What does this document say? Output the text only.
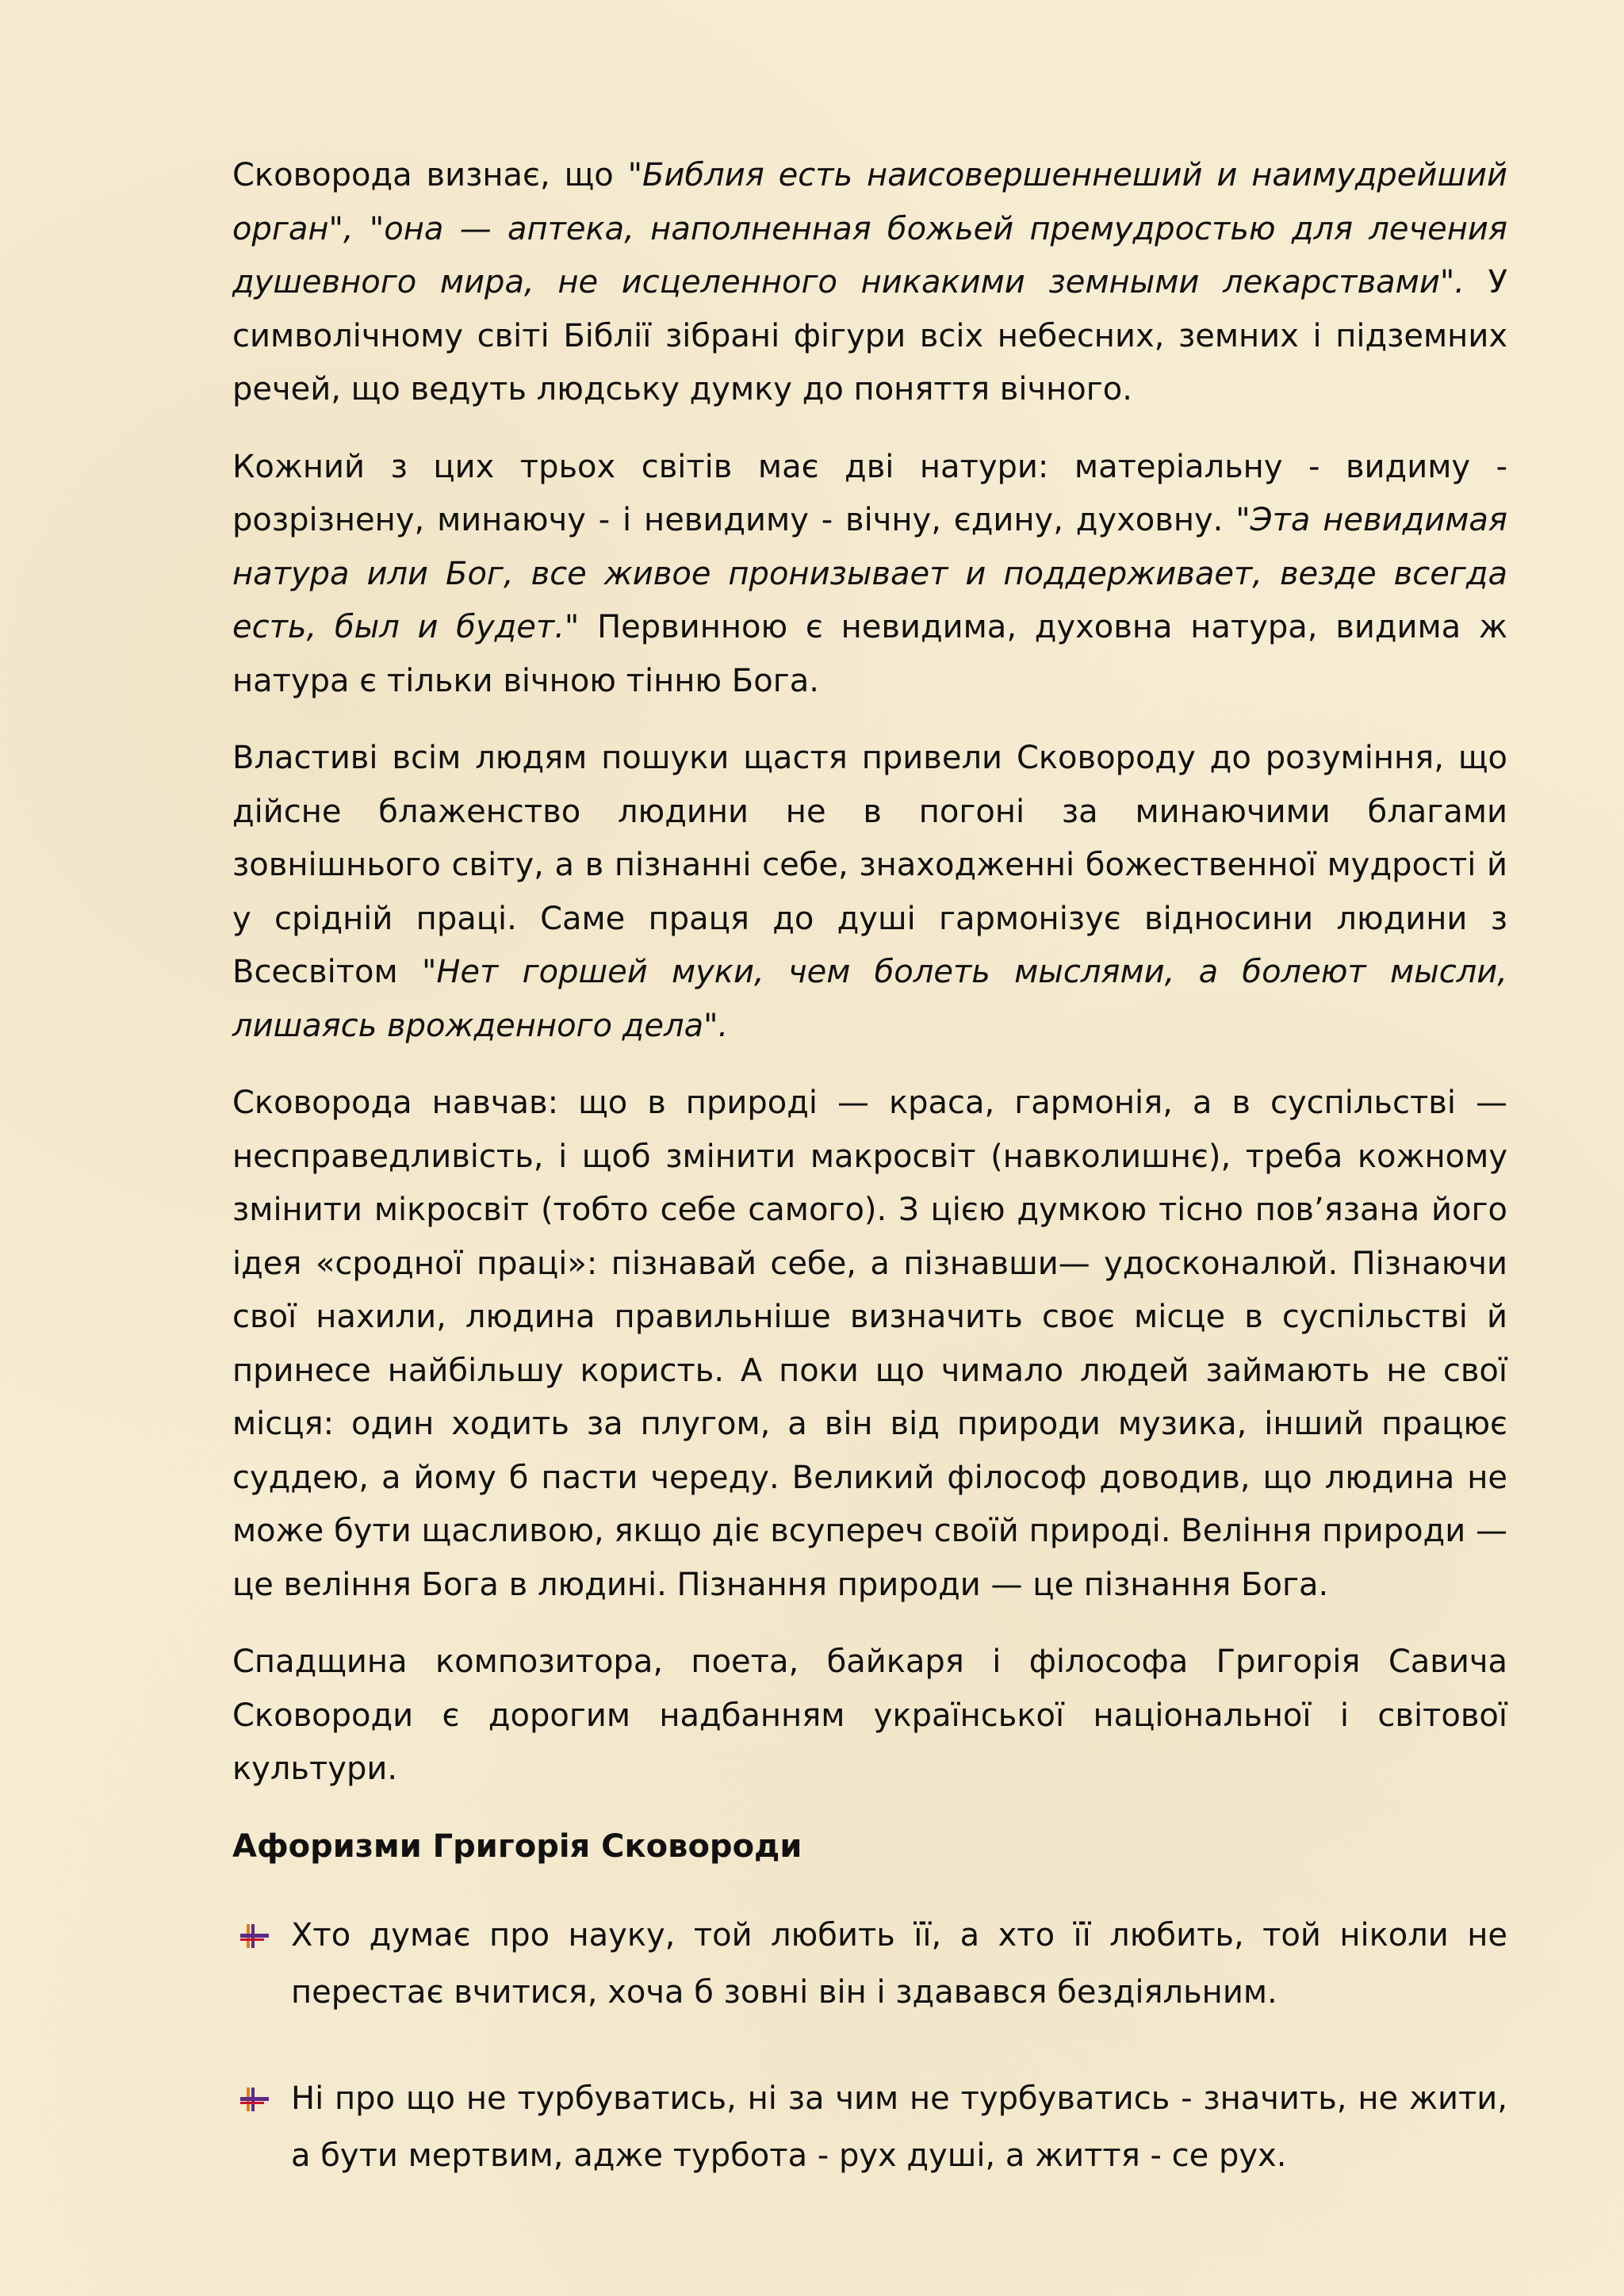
Сковорода визнає, що "Библия есть наисовершеннеший и наимудрейший орган", "она — аптека, наполненная божьей премудростью для лечения душевного мира, не исцеленного никакими земными лекарствами". У символічному світі Біблії зібрані фігури всіх небесних, земних і підземних речей, що ведуть людську думку до поняття вічного.
Кожний з цих трьох світів має дві натури: матеріальну - видиму - розрізнену, минаючу - і невидиму - вічну, єдину, духовну. "Эта невидимая натура или Бог, все живое пронизывает и поддерживает, везде всегда есть, был и будет." Первинною є невидима, духовна натура, видима ж натура є тільки вічною тінню Бога.
Властиві всім людям пошуки щастя привели Сковороду до розуміння, що дійсне блаженство людини не в погоні за минаючими благами зовнішнього світу, а в пізнанні себе, знаходженні божественної мудрості й у срідній праці. Саме праця до душі гармонізує відносини людини з Всесвітом "Нет горшей муки, чем болеть мыслями, а болеют мысли, лишаясь врожденного дела".
Сковорода навчав: що в природі — краса, гармонія, а в суспільстві — несправедливість, і щоб змінити макросвіт (навколишнє), треба кожному змінити мікросвіт (тобто себе самого). З цією думкою тісно пов’язана його ідея «сродної праці»: пізнавай себе, а пізнавши— удосконалюй. Пізнаючи свої нахили, людина правильніше визначить своє місце в суспільстві й принесе найбільшу користь. А поки що чимало людей займають не свої місця: один ходить за плугом, а він від природи музика, інший працює суддею, а йому б пасти череду. Великий філософ доводив, що людина не може бути щасливою, якщо діє всупереч своїй природі. Веління природи — це веління Бога в людині. Пізнання природи — це пізнання Бога.
Спадщина композитора, поета, байкаря і філософа Григорія Савича Сковороди є дорогим надбанням української національної і світової культури.
Афоризми Григорія Сковороди
Хто думає про науку, той любить її, а хто її любить, той ніколи не перестає вчитися, хоча б зовні він і здавався бездіяльним.
Ні про що не турбуватись, ні за чим не турбуватись - значить, не жити, а бути мертвим, адже турбота - рух душі, а життя - се рух.
